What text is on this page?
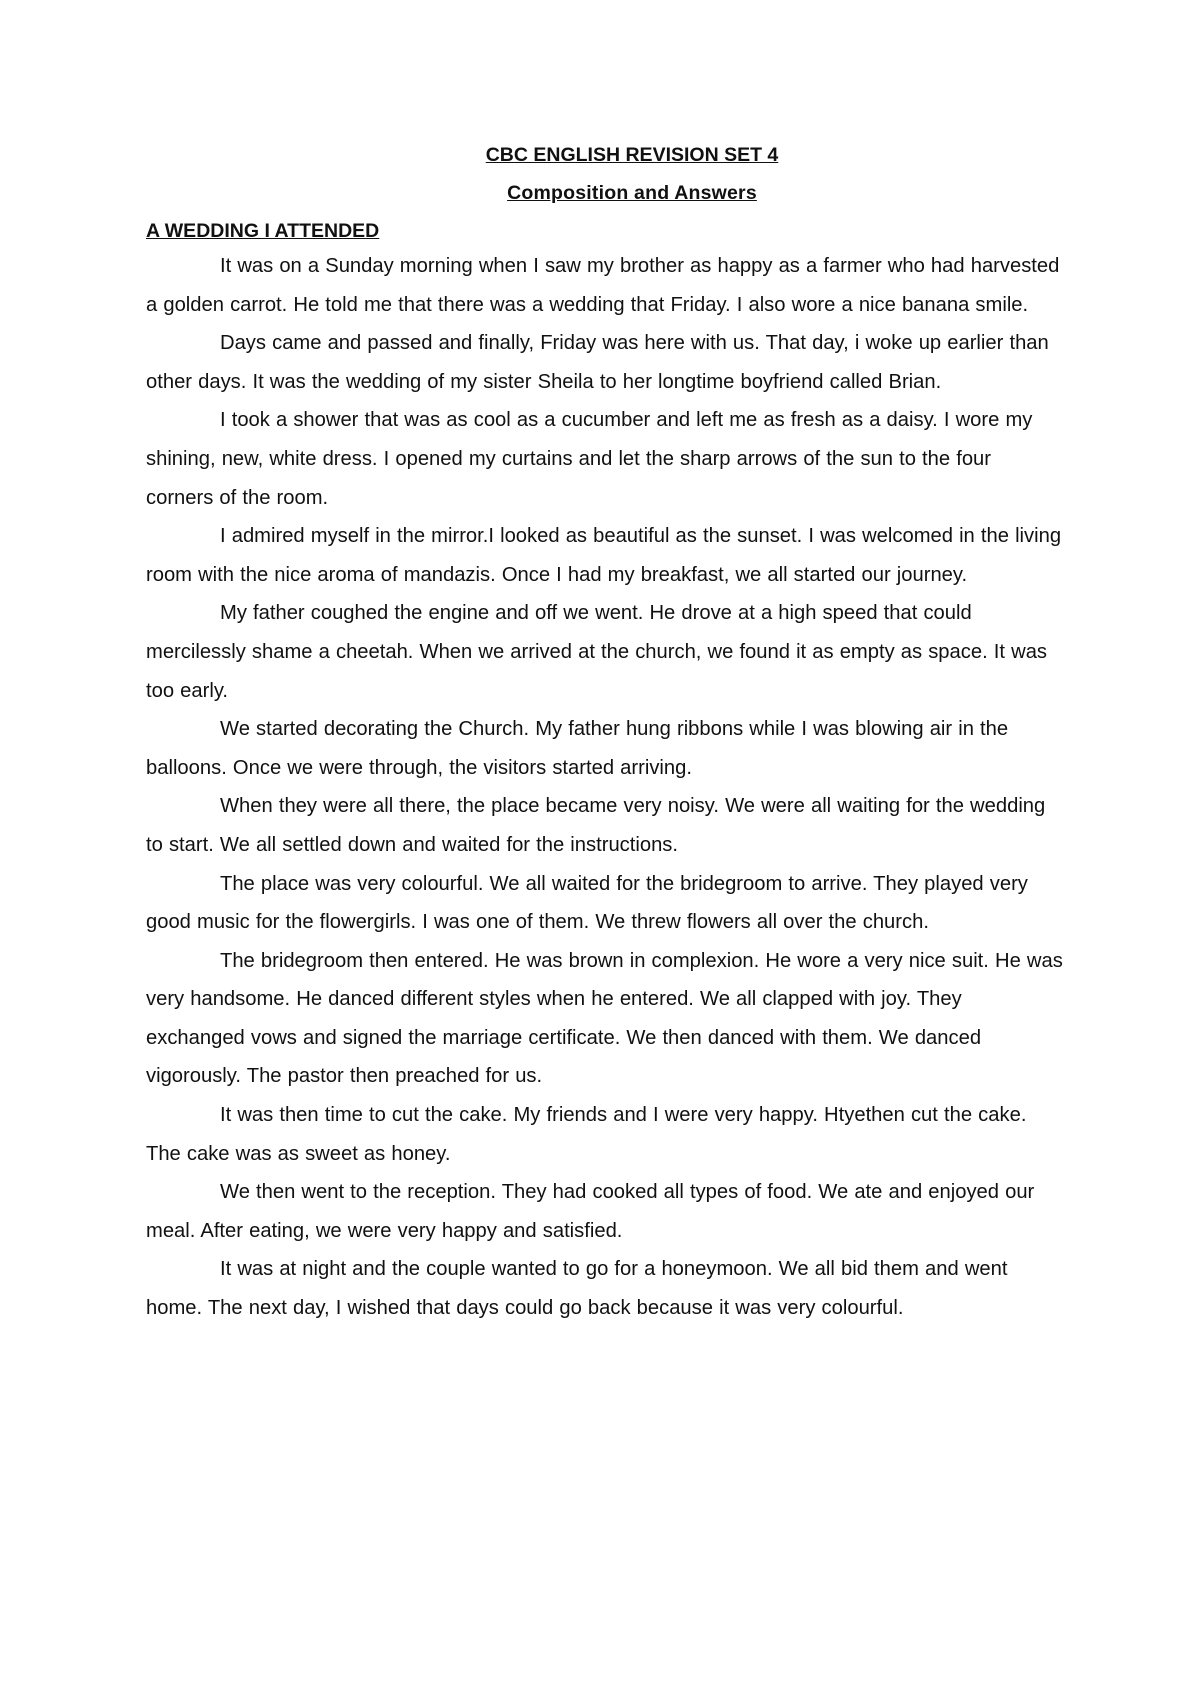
CBC ENGLISH REVISION SET 4

Composition and Answers

A WEDDING I ATTENDED

It was on a Sunday morning when I saw my brother as happy as a farmer who had harvested a golden carrot. He told me that there was a wedding that Friday. I also wore a nice banana smile.

Days came and passed and finally, Friday was here with us. That day, i woke up earlier than other days. It was the wedding of my sister Sheila to her longtime boyfriend called Brian.

I took a shower that was as cool as a cucumber and left me as fresh as a daisy. I wore my shining, new, white dress. I opened my curtains and let the sharp arrows of the sun to the four corners of the room.

I admired myself in the mirror.I looked as beautiful as the sunset. I was welcomed in the living room with the nice aroma of mandazis. Once I had my breakfast, we all started our journey.

My father coughed the engine and off we went. He drove at a high speed that could mercilessly shame a cheetah. When we arrived at the church, we found it as empty as space. It was too early.

We started decorating the Church. My father hung ribbons while I was blowing air in the balloons. Once we were through, the visitors started arriving.

When they were all there, the place became very noisy. We were all waiting for the wedding to start. We all settled down and waited for the instructions.

The place was very colourful. We all waited for the bridegroom to arrive. They played very good music for the flowergirls. I was one of them. We threw flowers all over the church.

The bridegroom then entered. He was brown in complexion. He wore a very nice suit. He was very handsome. He danced different styles when he entered. We all clapped with joy. They exchanged vows and signed the marriage certificate. We then danced with them. We danced vigorously. The pastor then preached for us.

It was then time to cut the cake. My friends and I were very happy. Htyethen cut the cake. The cake was as sweet as honey.

We then went to the reception. They had cooked all types of food. We ate and enjoyed our meal. After eating, we were very happy and satisfied.

It was at night and the couple wanted to go for a honeymoon. We all bid them and went home. The next day, I wished that days could go back because it was very colourful.
